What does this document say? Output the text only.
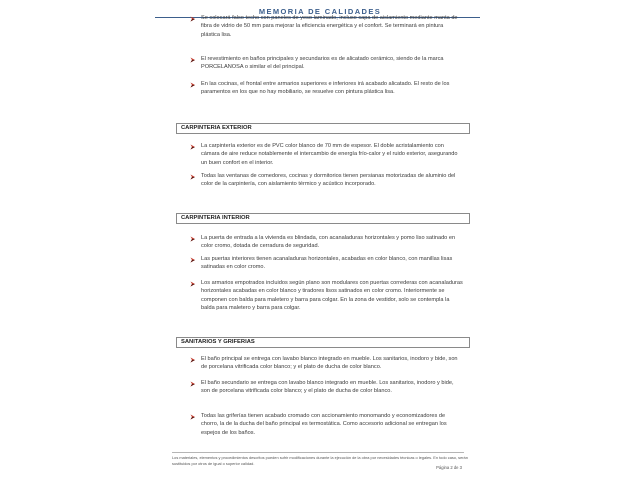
MEMORIA DE CALIDADES
Se colocará falso techo con paneles de yeso laminado, incluso capa de aislamiento mediante manta de fibra de vidrio de 50 mm para mejorar la eficiencia energética y el confort. Se terminará en pintura plástica lisa.
El revestimiento en baños principales y secundarios es de alicatado cerámico, siendo de la marca PORCELANOSA o similar el del principal.
En las cocinas, el frontal entre armarios superiores e inferiores irá acabado alicatado. El resto de los paramentos en los que no hay mobiliario, se resuelve con pintura plástica lisa.
CARPINTERIA EXTERIOR
La carpintería exterior es de PVC color blanco de 70 mm de espesor. El doble acristalamiento con cámara de aire reduce notablemente el intercambio de energía frío-calor y el ruido exterior, asegurando un buen confort en el interior.
Todas las ventanas de comedores, cocinas y dormitorios tienen persianas motorizadas de aluminio del color de la carpintería, con aislamiento térmico y acústico incorporado.
CARPINTERIA INTERIOR
La puerta de entrada a la vivienda es blindada, con acanaladuras horizontales y pomo liso satinado en color cromo, dotada de cerradura de seguridad.
Las puertas interiores tienen acanaladuras horizontales, acabadas en color blanco, con manillas lisas satinadas en color cromo.
Los armarios empotrados incluidos según plano son modulares con puertas correderas con acanaladuras horizontales acabadas en color blanco y tiradores lisos satinados en color cromo. Interiormente se componen con balda para maletero y barra para colgar. En la zona de vestidor, solo se contempla la balda para maletero y barra para colgar.
SANITARIOS Y GRIFERIAS
El baño principal se entrega con lavabo blanco integrado en mueble. Los sanitarios, inodoro y bide, son de porcelana vitrificada color blanco; y el plato de ducha de color blanco.
El baño secundario se entrega con lavabo blanco integrado en mueble. Los sanitarios, inodoro y bide, son de porcelana vitrificada color blanco; y el plato de ducha de color blanco.
Todas las griferías tienen acabado cromado con accionamiento monomando y economizadores de chorro, la de la ducha del baño principal es termostática. Como accesorio adicional se entregan los espejos de los baños.
Los materiales, elementos y procedimientos descritos pueden sufrir modificaciones durante la ejecución de la obra por necesidades técnicas o legales. En todo caso, serán sustituidos por otros de igual o superior calidad.
Página 2 de 3
